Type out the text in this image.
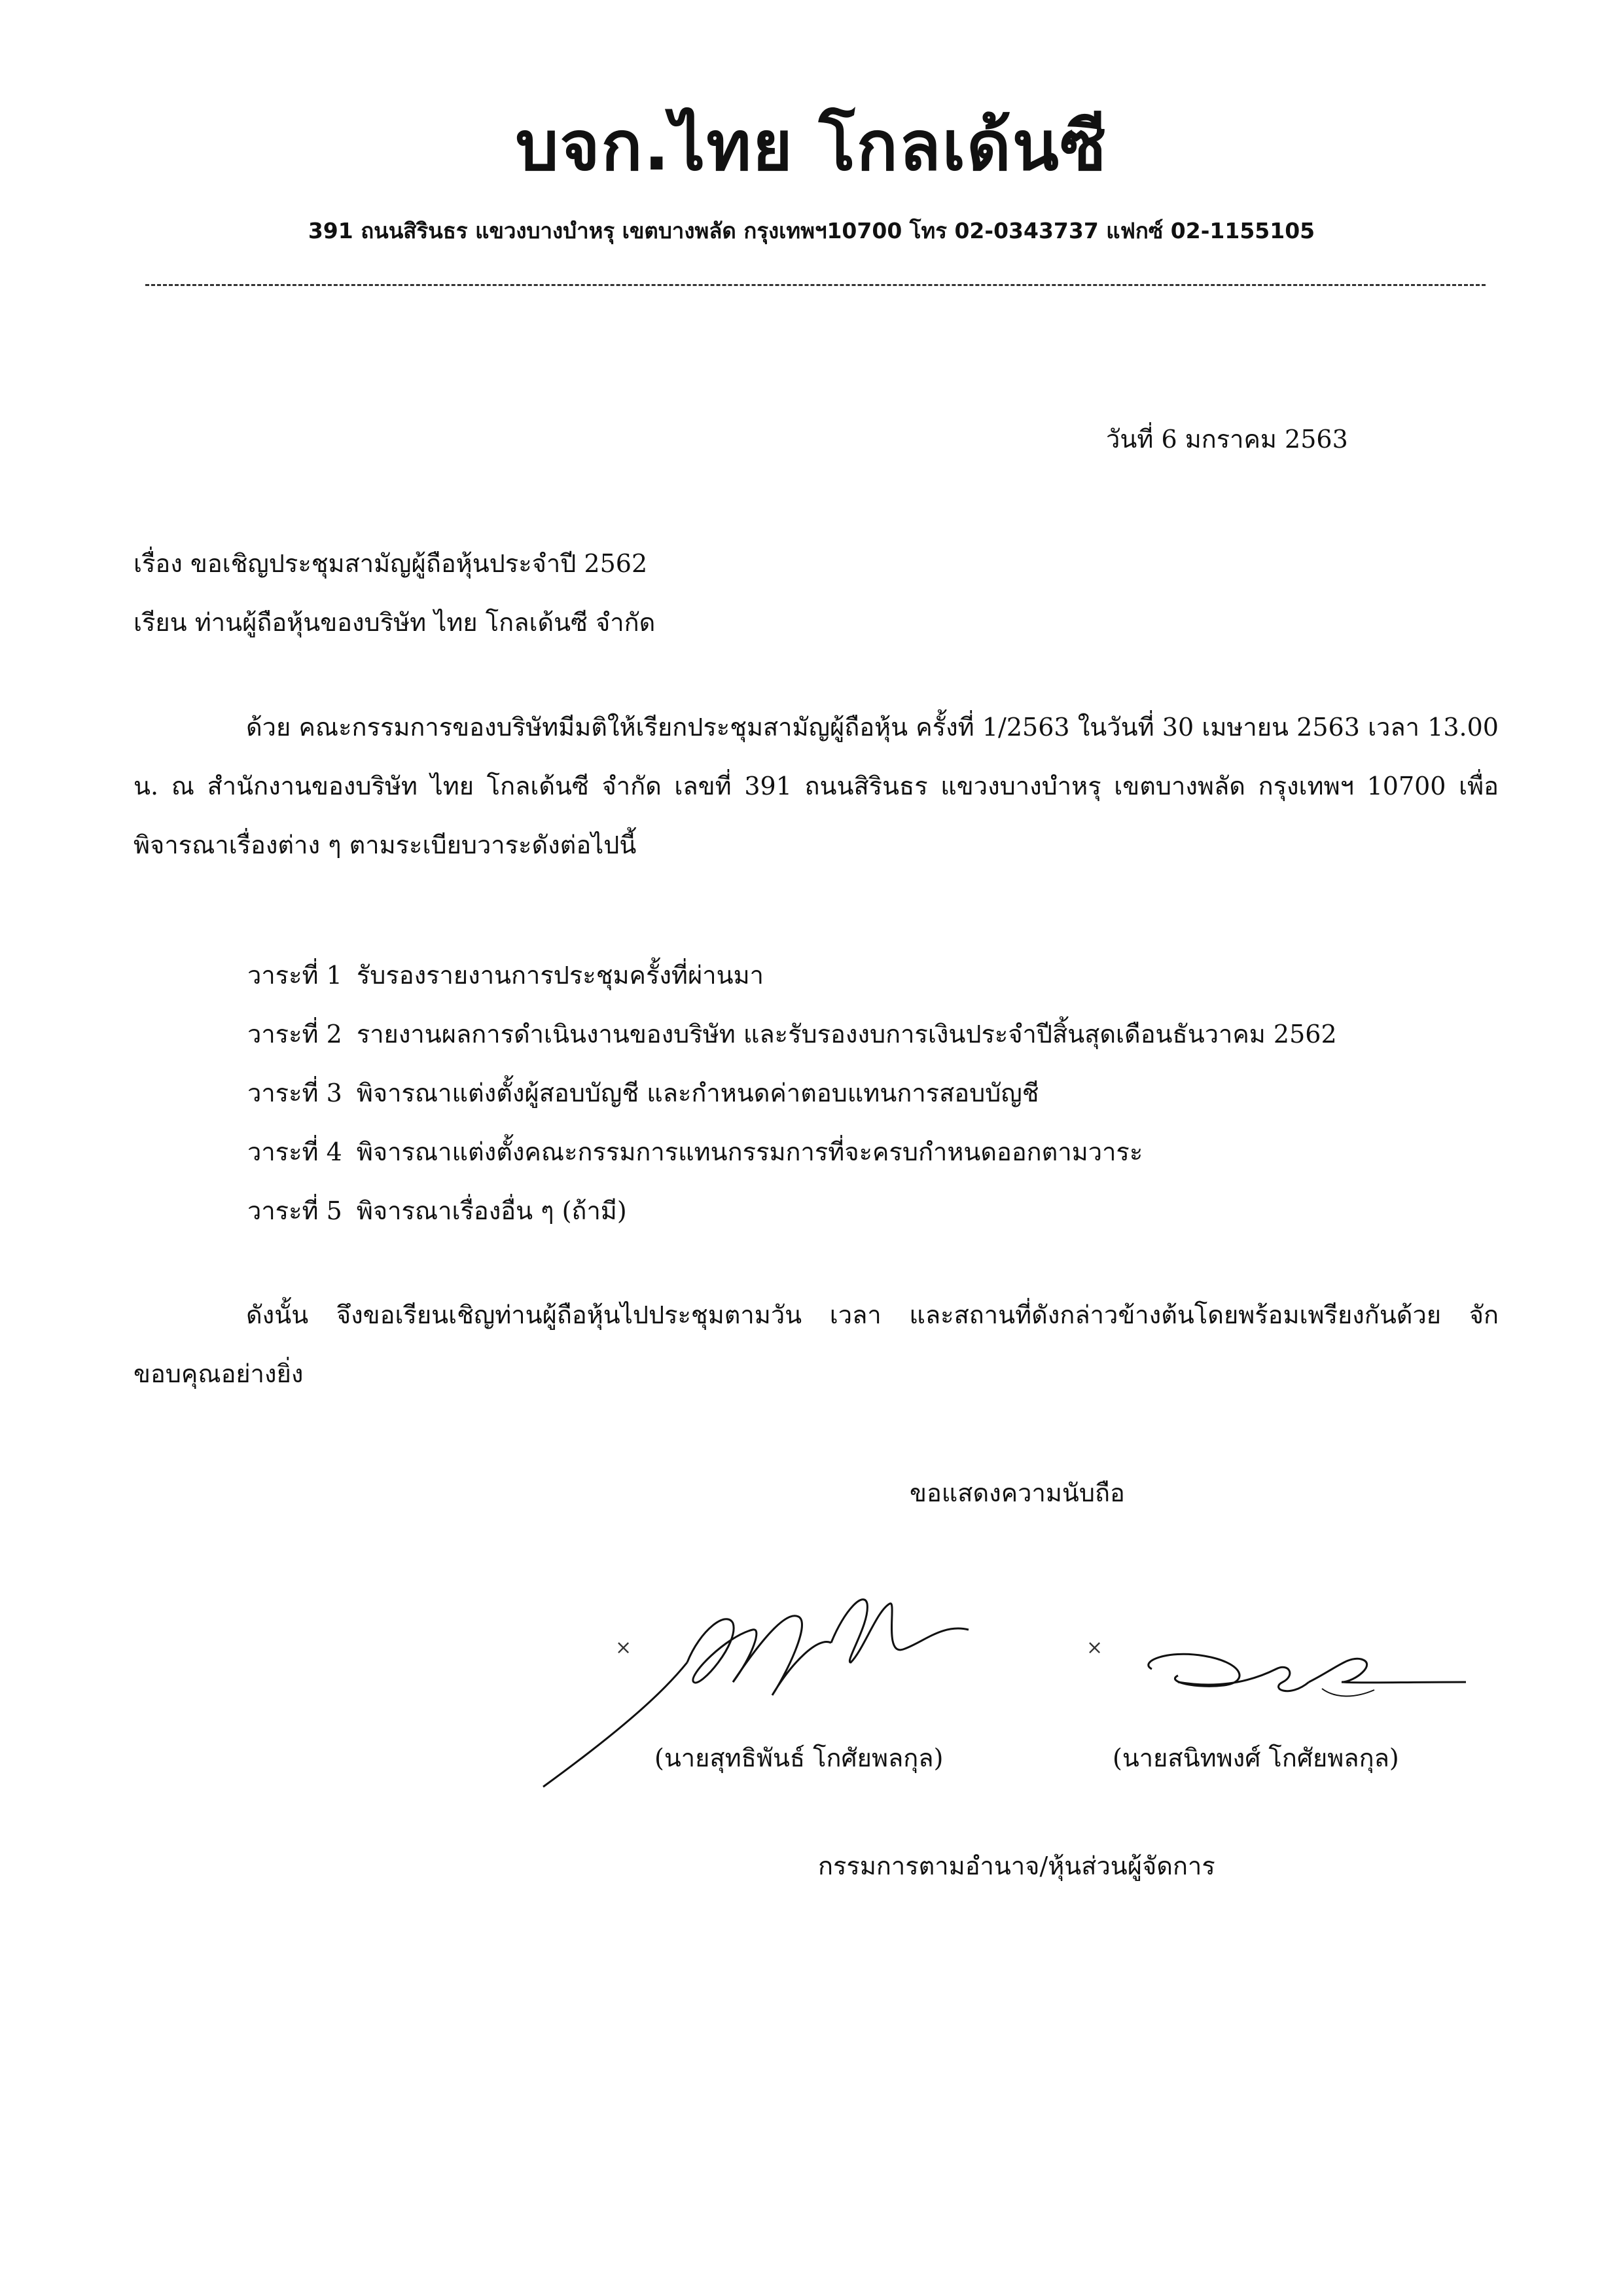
บจก.ไทย โกลเด้นซี
391 ถนนสิรินธร แขวงบางบำหรุ เขตบางพลัด กรุงเทพฯ10700 โทร 02-0343737 แฟกซ์ 02-1155105
วันที่ 6 มกราคม 2563
เรื่อง ขอเชิญประชุมสามัญผู้ถือหุ้นประจำปี 2562
เรียน ท่านผู้ถือหุ้นของบริษัท ไทย โกลเด้นซี จำกัด
ด้วย คณะกรรมการของบริษัทมีมติให้เรียกประชุมสามัญผู้ถือหุ้น ครั้งที่ 1/2563 ในวันที่ 30 เมษายน 2563 เวลา 13.00 น. ณ สำนักงานของบริษัท ไทย โกลเด้นซี จำกัด เลขที่ 391 ถนนสิรินธร แขวงบางบำหรุ เขตบางพลัด กรุงเทพฯ 10700 เพื่อพิจารณาเรื่องต่าง ๆ ตามระเบียบวาระดังต่อไปนี้
วาระที่ 1 รับรองรายงานการประชุมครั้งที่ผ่านมา
วาระที่ 2 รายงานผลการดำเนินงานของบริษัท และรับรองงบการเงินประจำปีสิ้นสุดเดือนธันวาคม 2562
วาระที่ 3 พิจารณาแต่งตั้งผู้สอบบัญชี และกำหนดค่าตอบแทนการสอบบัญชี
วาระที่ 4 พิจารณาแต่งตั้งคณะกรรมการแทนกรรมการที่จะครบกำหนดออกตามวาระ
วาระที่ 5 พิจารณาเรื่องอื่น ๆ (ถ้ามี)
ดังนั้น จึงขอเรียนเชิญท่านผู้ถือหุ้นไปประชุมตามวัน เวลา และสถานที่ดังกล่าวข้างต้นโดยพร้อมเพรียงกันด้วย จักขอบคุณอย่างยิ่ง
ขอแสดงความนับถือ
×	×
(นายสุทธิพันธ์ โกศัยพลกุล)	(นายสนิทพงศ์ โกศัยพลกุล)
กรรมการตามอำนาจ/หุ้นส่วนผู้จัดการ
